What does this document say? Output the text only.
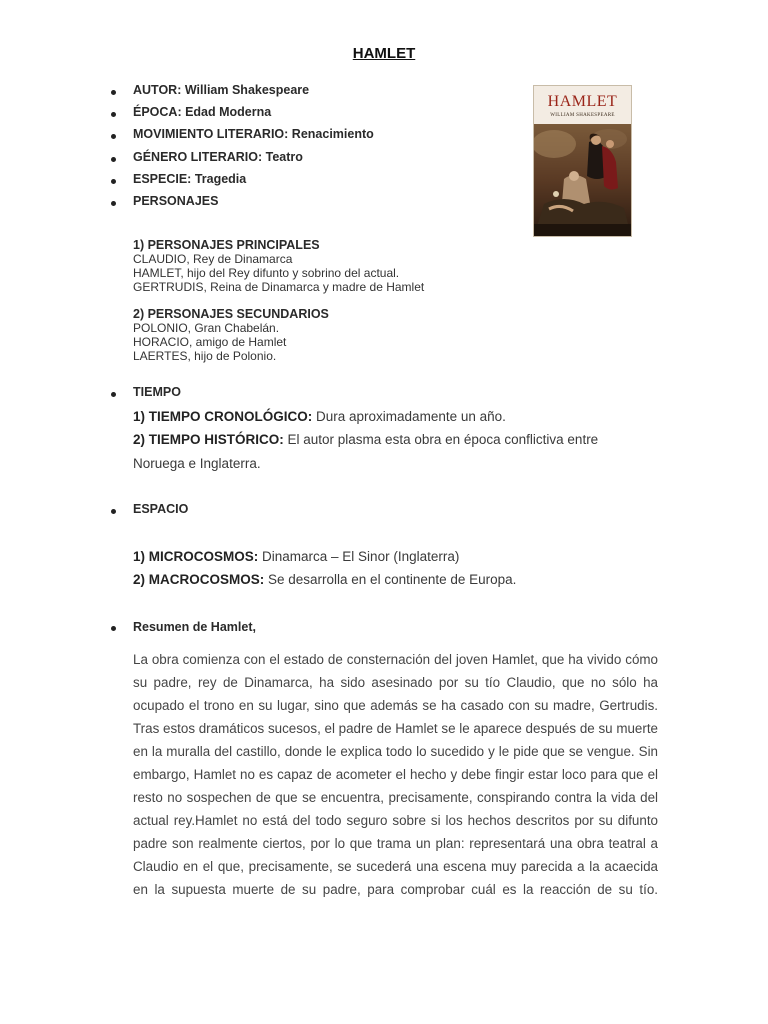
HAMLET
AUTOR: William Shakespeare
ÉPOCA: Edad Moderna
MOVIMIENTO LITERARIO: Renacimiento
GÉNERO LITERARIO: Teatro
ESPECIE: Tragedia
PERSONAJES
1) PERSONAJES PRINCIPALES
CLAUDIO, Rey de Dinamarca
HAMLET, hijo del Rey difunto y sobrino del actual.
GERTRUDIS, Reina de Dinamarca y madre de Hamlet
2) PERSONAJES SECUNDARIOS
POLONIO, Gran Chabelán.
HORACIO, amigo de Hamlet
LAERTES, hijo de Polonio.
TIEMPO
1) TIEMPO CRONOLÓGICO: Dura aproximadamente un año.
2) TIEMPO HISTÓRICO: El autor plasma esta obra en época conflictiva entre
Noruega e Inglaterra.
ESPACIO
1) MICROCOSMOS: Dinamarca – El Sinor (Inglaterra)
2) MACROCOSMOS: Se desarrolla en el continente de Europa.
Resumen de Hamlet,
La obra comienza con el estado de consternación del joven Hamlet, que ha vivido cómo su padre, rey de Dinamarca, ha sido asesinado por su tío Claudio, que no sólo ha ocupado el trono en su lugar, sino que además se ha casado con su madre, Gertrudis. Tras estos dramáticos sucesos, el padre de Hamlet se le aparece después de su muerte en la muralla del castillo, donde le explica todo lo sucedido y le pide que se vengue. Sin embargo, Hamlet no es capaz de acometer el hecho y debe fingir estar loco para que el resto no sospechen de que se encuentra, precisamente, conspirando contra la vida del actual rey.Hamlet no está del todo seguro sobre si los hechos descritos por su difunto padre son realmente ciertos, por lo que trama un plan: representará una obra teatral a Claudio en el que, precisamente, se sucederá una escena muy parecida a la acaecida en la supuesta muerte de su padre, para comprobar cuál es la reacción de su tío.
HAMLET
WILLIAM SHAKESPEARE
